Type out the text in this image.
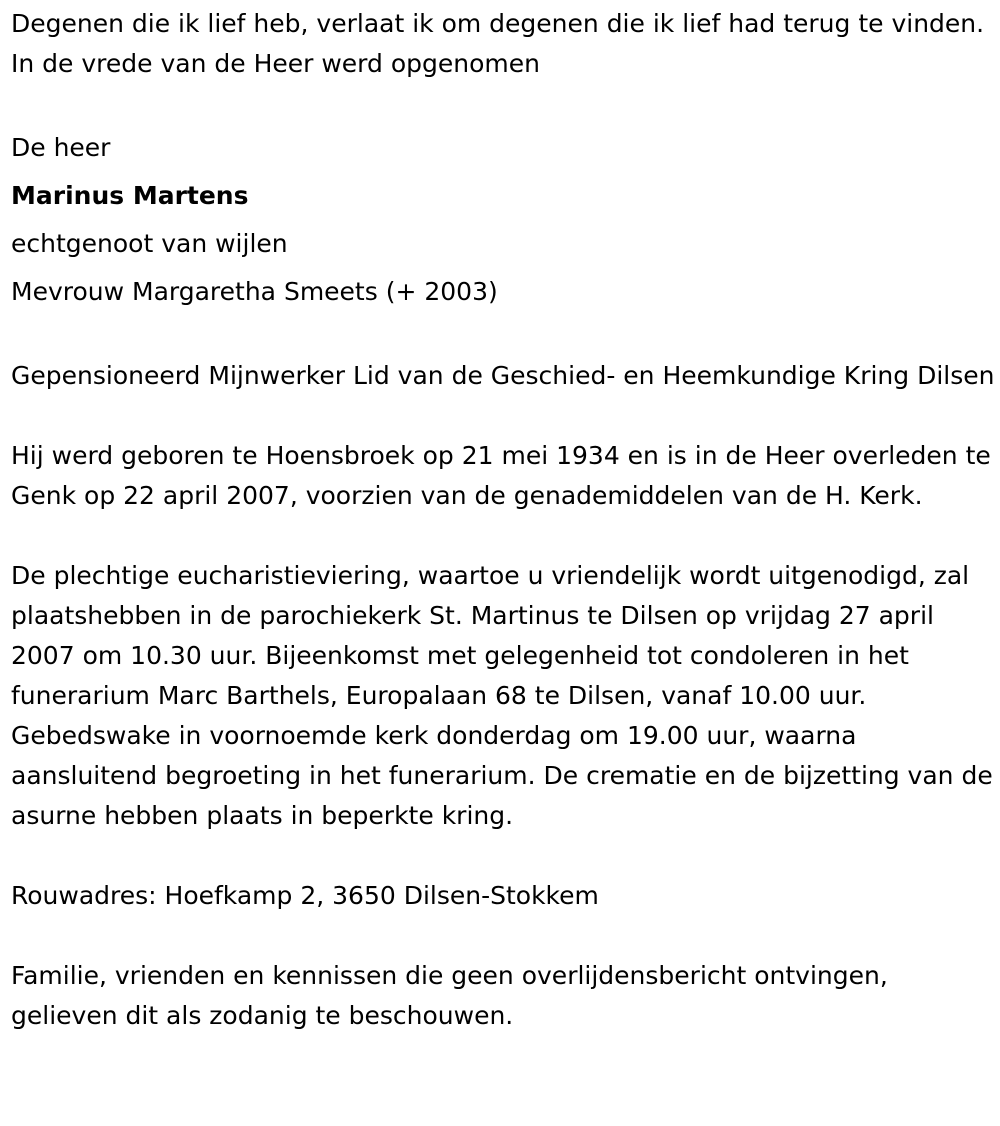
Degenen die ik lief heb, verlaat ik om degenen die ik lief had terug te vinden. In de vrede van de Heer werd opgenomen

De heer
Marinus Martens
echtgenoot van wijlen
Mevrouw Margaretha Smeets (+ 2003)

Gepensioneerd Mijnwerker Lid van de Geschied- en Heemkundige Kring Dilsen

Hij werd geboren te Hoensbroek op 21 mei 1934 en is in de Heer overleden te Genk op 22 april 2007, voorzien van de genademiddelen van de H. Kerk.

De plechtige eucharistieviering, waartoe u vriendelijk wordt uitgenodigd, zal plaatshebben in de parochiekerk St. Martinus te Dilsen op vrijdag 27 april 2007 om 10.30 uur. Bijeenkomst met gelegenheid tot condoleren in het funerarium Marc Barthels, Europalaan 68 te Dilsen, vanaf 10.00 uur. Gebedswake in voornoemde kerk donderdag om 19.00 uur, waarna aansluitend begroeting in het funerarium. De crematie en de bijzetting van de asurne hebben plaats in beperkte kring.

Rouwadres: Hoefkamp 2, 3650 Dilsen-Stokkem

Familie, vrienden en kennissen die geen overlijdensbericht ontvingen, gelieven dit als zodanig te beschouwen.
